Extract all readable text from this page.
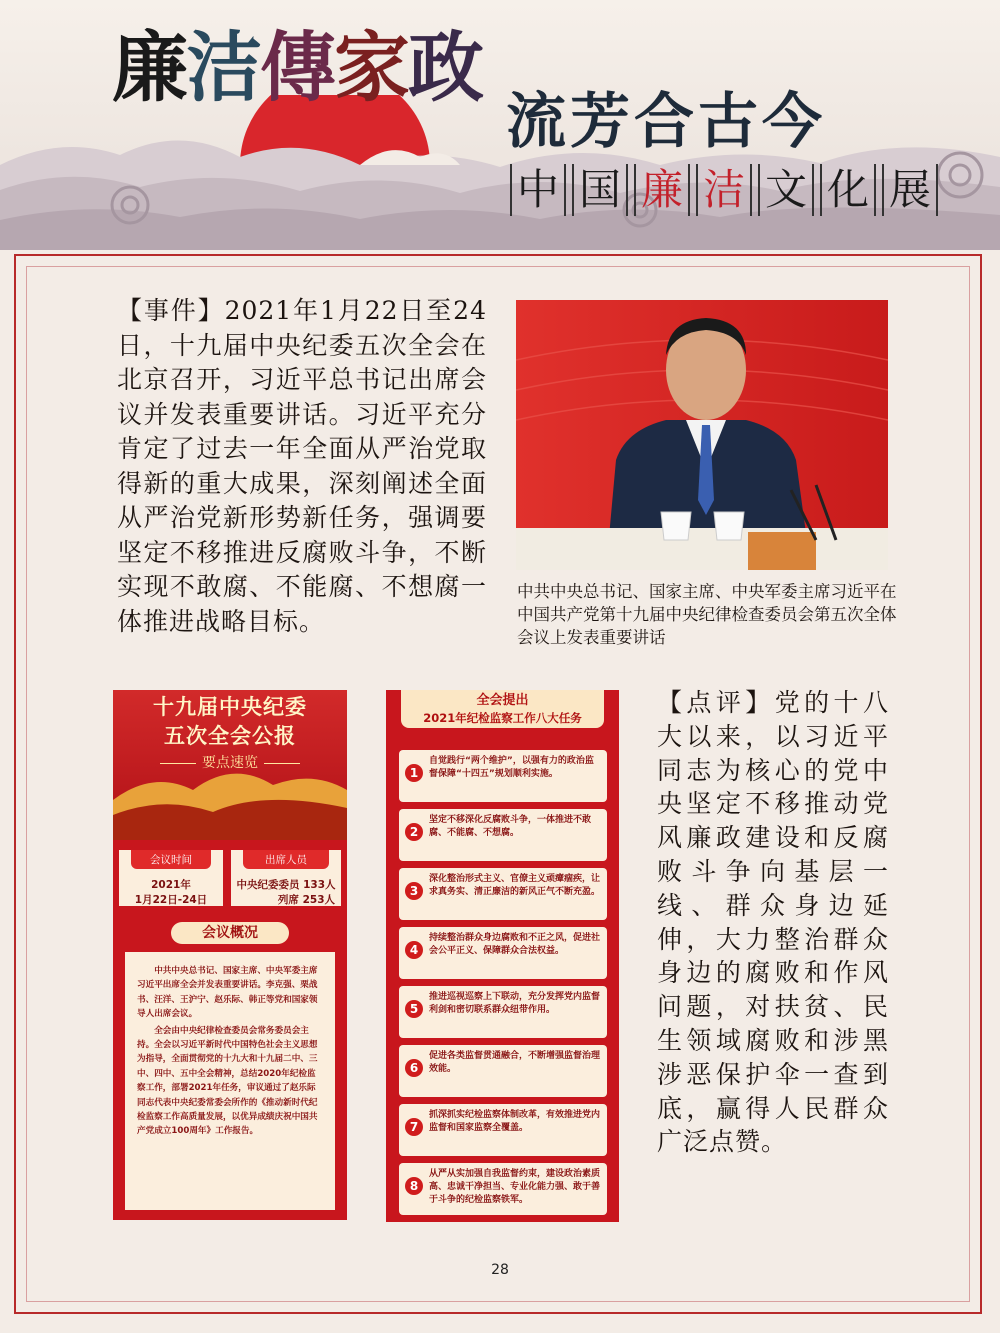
廉洁傳家政
流芳合古今
中 国 廉 洁 文 化 展
【事件】2021年1月22日至24日，十九届中央纪委五次全会在北京召开，习近平总书记出席会议并发表重要讲话。习近平充分肯定了过去一年全面从严治党取得新的重大成果，深刻阐述全面从严治党新形势新任务，强调要坚定不移推进反腐败斗争，不断实现不敢腐、不能腐、不想腐一体推进战略目标。
中共中央总书记、国家主席、中央军委主席习近平在中国共产党第十九届中央纪律检查委员会第五次全体会议上发表重要讲话
十九届中央纪委
五次全会公报
要点速览
会议时间
2021年
1月22日-24日
出席人员
中央纪委委员 133人
列席 253人
会议概况

中共中央总书记、国家主席、中央军委主席习近平出席全会并发表重要讲话。李克强、栗战书、汪洋、王沪宁、赵乐际、韩正等党和国家领导人出席会议。

全会由中央纪律检查委员会常务委员会主持。全会以习近平新时代中国特色社会主义思想为指导，全面贯彻党的十九大和十九届二中、三中、四中、五中全会精神，总结2020年纪检监察工作，部署2021年任务，审议通过了赵乐际同志代表中央纪委常委会所作的《推动新时代纪检监察工作高质量发展，以优异成绩庆祝中国共产党成立100周年》工作报告。

全会提出
2021年纪检监察工作八大任务
1
自觉践行“两个维护”，以强有力的政治监督保障“十四五”规划顺利实施。
2
坚定不移深化反腐败斗争，一体推进不敢腐、不能腐、不想腐。
3
深化整治形式主义、官僚主义顽瘴痼疾，让求真务实、清正廉洁的新风正气不断充盈。
4
持续整治群众身边腐败和不正之风，促进社会公平正义、保障群众合法权益。
5
推进巡视巡察上下联动，充分发挥党内监督利剑和密切联系群众纽带作用。
6
促进各类监督贯通融合，不断增强监督治理效能。
7
抓深抓实纪检监察体制改革，有效推进党内监督和国家监察全覆盖。
8
从严从实加强自我监督约束，建设政治素质高、忠诚干净担当、专业化能力强、敢于善于斗争的纪检监察铁军。
【点评】党的十八大以来，以习近平同志为核心的党中央坚定不移推动党风廉政建设和反腐败斗争向基层一线、群众身边延伸，大力整治群众身边的腐败和作风问题，对扶贫、民生领域腐败和涉黑涉恶保护伞一查到底，赢得人民群众广泛点赞。
28
